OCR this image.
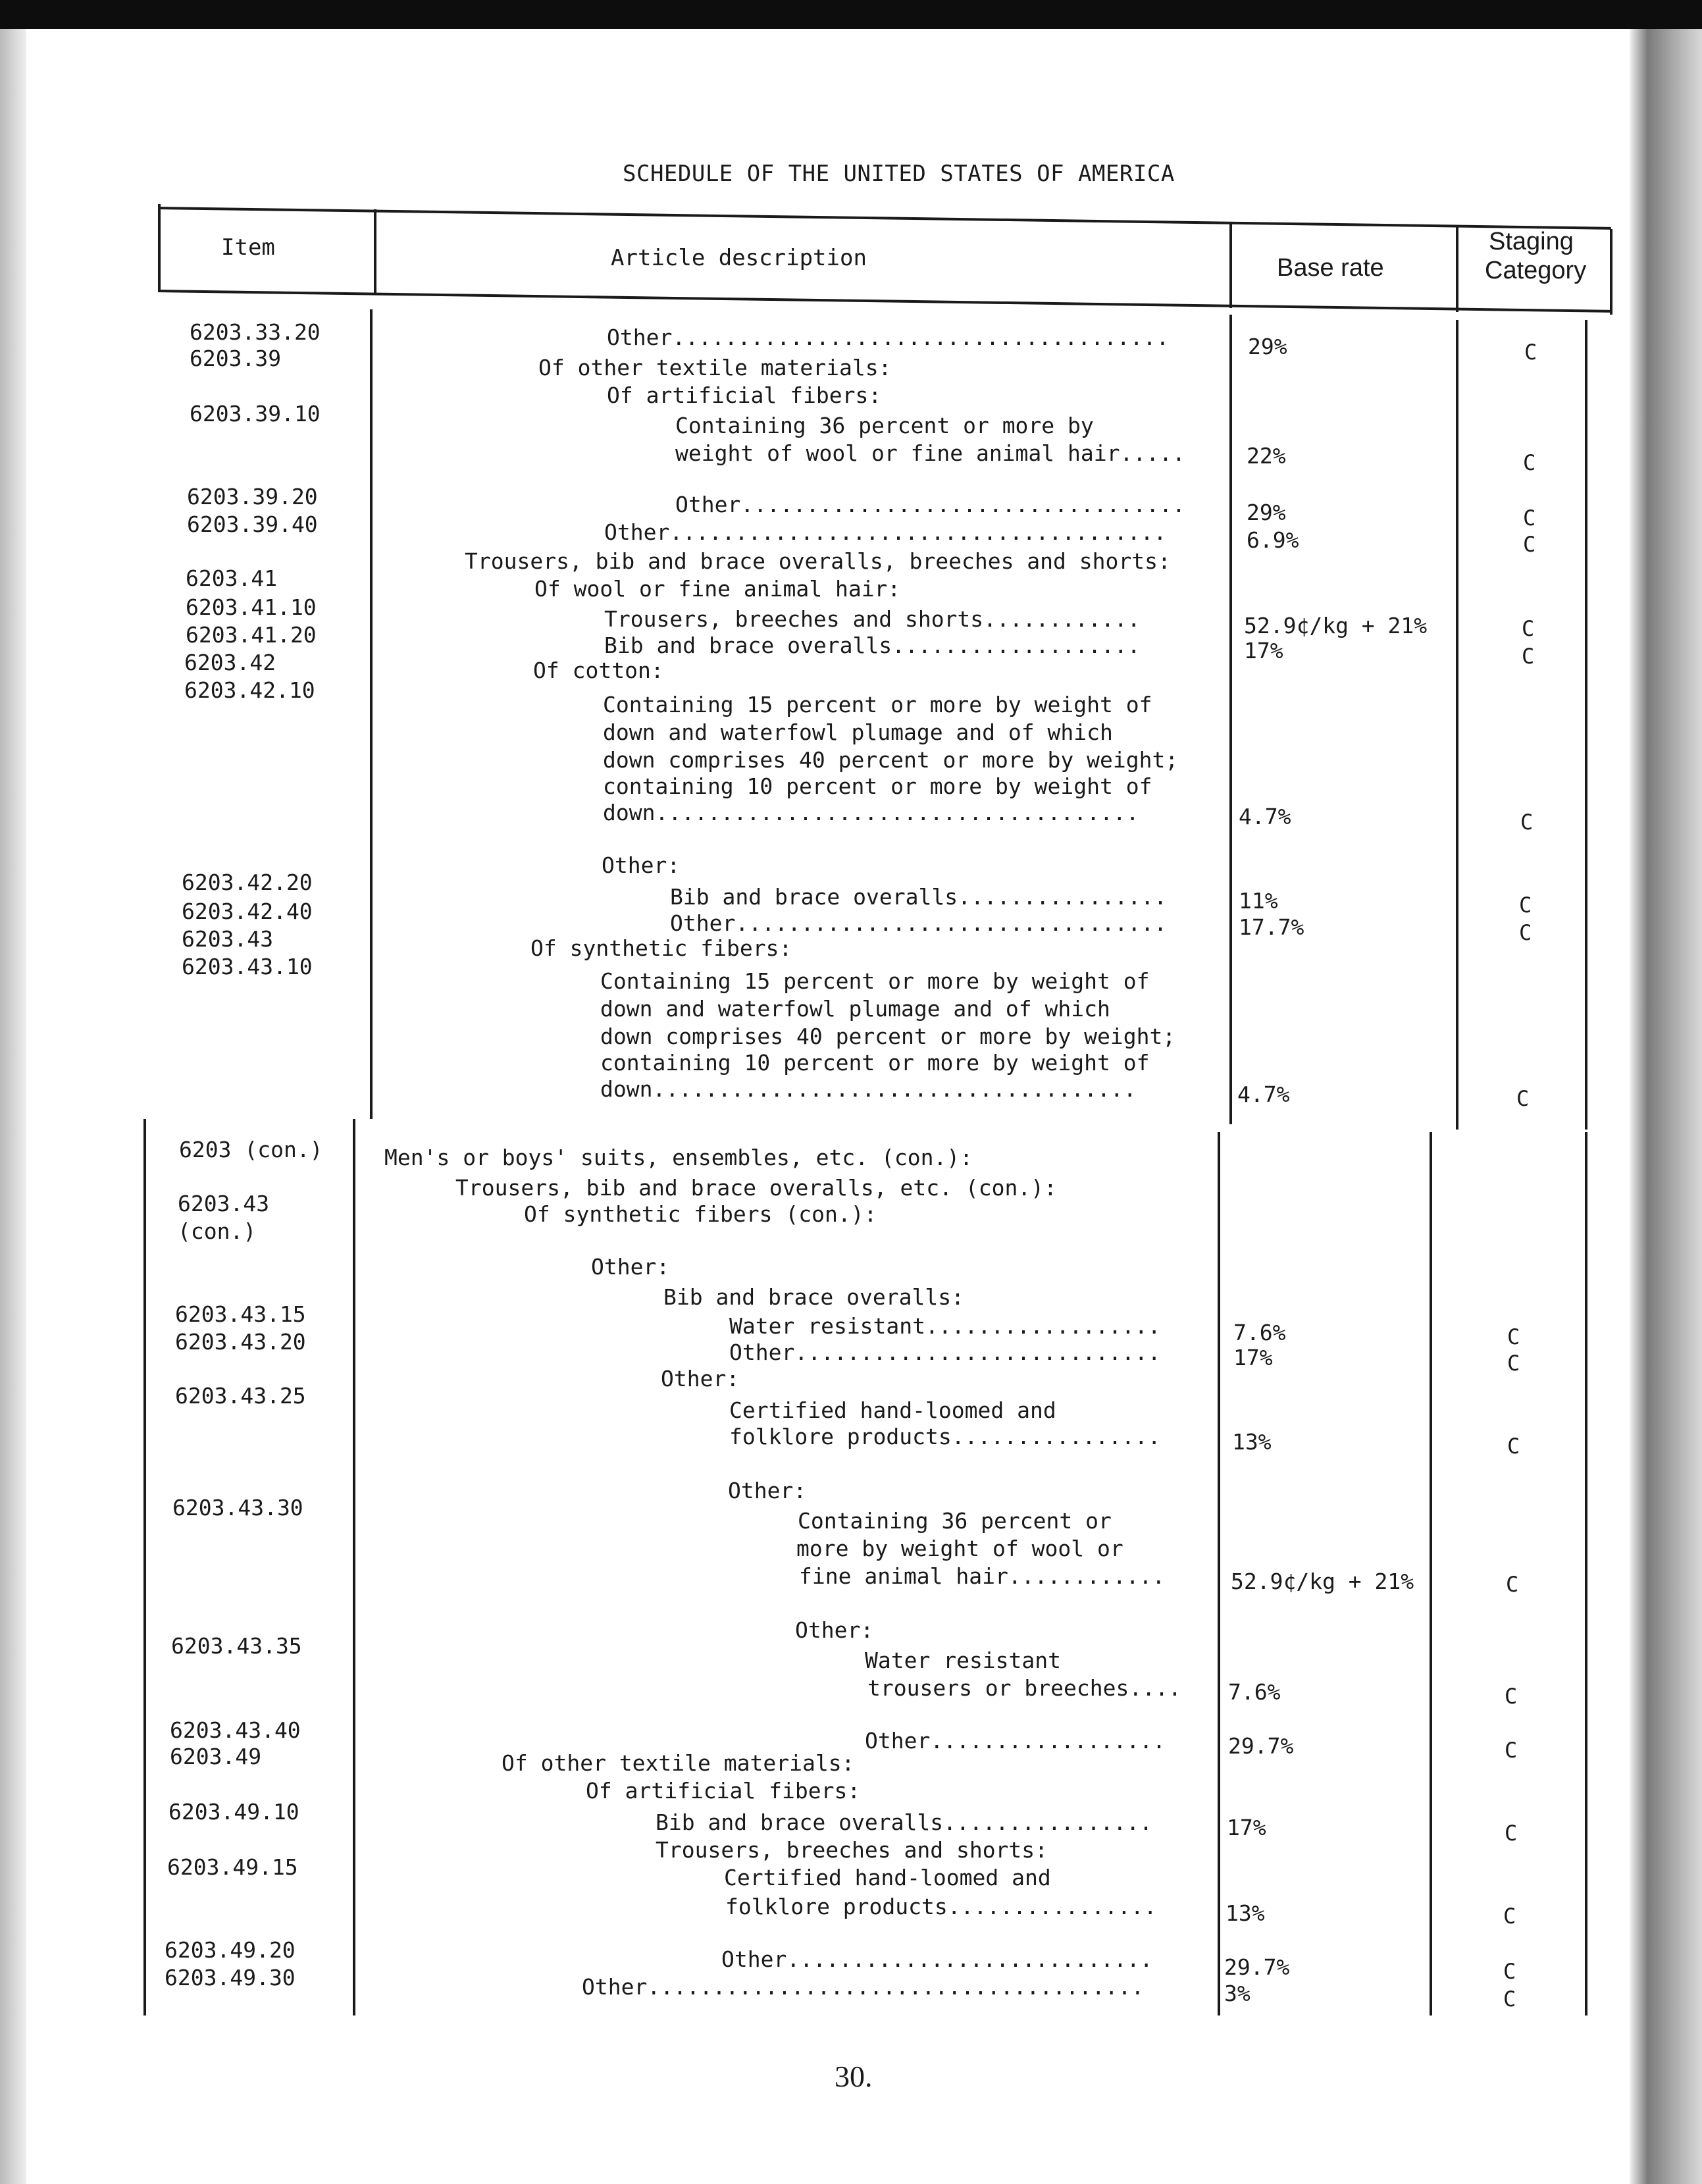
SCHEDULE OF THE UNITED STATES OF AMERICA
Item	Article description	Base rate
Staging
Category
6203.33.20
6203.39
6203.39.10
6203.39.20
6203.39.40
6203.41
6203.41.10
6203.41.20
6203.42
6203.42.10
6203.42.20
6203.42.40
6203.43
6203.43.10
Other......................................
Of other textile materials:
Of artificial fibers:
Containing 36 percent or more by
weight of wool or fine animal hair.....
Other..................................
Other......................................
Trousers, bib and brace overalls, breeches and shorts:
Of wool or fine animal hair:
Trousers, breeches and shorts............
Bib and brace overalls...................
Of cotton:
Containing 15 percent or more by weight of
down and waterfowl plumage and of which
down comprises 40 percent or more by weight;
containing 10 percent or more by weight of
down.....................................
Other:
Bib and brace overalls................
Other.................................
Of synthetic fibers:
Containing 15 percent or more by weight of
down and waterfowl plumage and of which
down comprises 40 percent or more by weight;
containing 10 percent or more by weight of
down.....................................
29%
22%
29%
6.9%
52.9¢/kg + 21%
17%
4.7%
11%
17.7%
4.7%
C
C
C
C
C
C
C
C
C
C
6203 (con.)
6203.43
(con.)
6203.43.15
6203.43.20
6203.43.25
6203.43.30
6203.43.35
6203.43.40
6203.49
6203.49.10
6203.49.15
6203.49.20
6203.49.30
Men's or boys' suits, ensembles, etc. (con.):
Trousers, bib and brace overalls, etc. (con.):
Of synthetic fibers (con.):
Other:
Bib and brace overalls:
Water resistant..................
Other............................
Other:
Certified hand-loomed and
folklore products................
Other:
Containing 36 percent or
more by weight of wool or
fine animal hair............
Other:
Water resistant
trousers or breeches....
Other..................
Of other textile materials:
Of artificial fibers:
Bib and brace overalls................
Trousers, breeches and shorts:
Certified hand-loomed and
folklore products................
Other............................
Other......................................
7.6%
17%
13%
52.9¢/kg + 21%
7.6%
29.7%
17%
13%
29.7%
3%
C
C
C
C
C
C
C
C
C
C
30.
